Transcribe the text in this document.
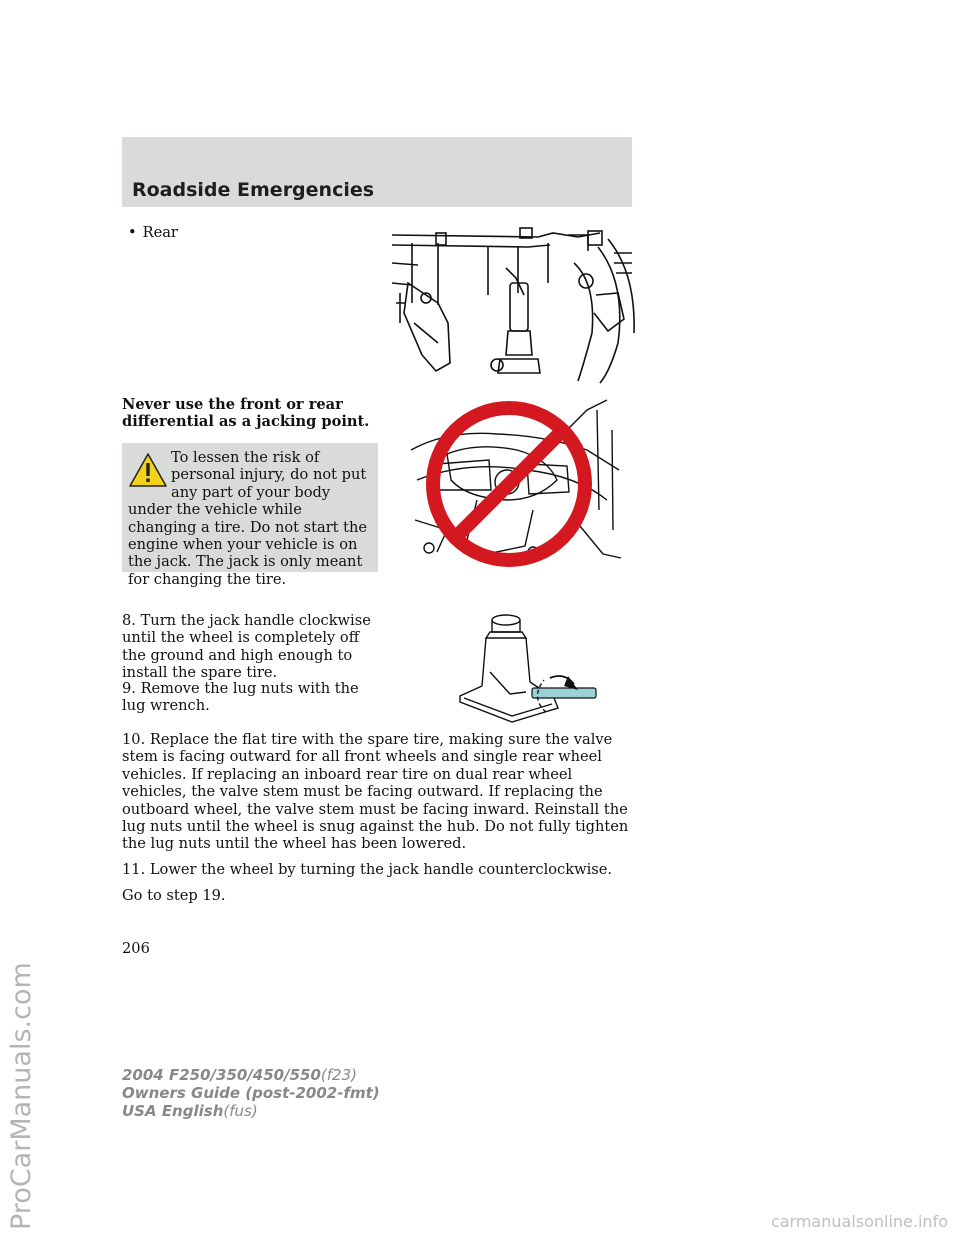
Roadside Emergencies
• Rear
Never use the front or rear differential as a jacking point.

To lessen the risk of personal injury, do not put any part of your body under the vehicle while changing a tire. Do not start the engine when your vehicle is on the jack. The jack is only meant for changing the tire.

8. Turn the jack handle clockwise until the wheel is completely off the ground and high enough to install the spare tire.
9. Remove the lug nuts with the lug wrench.
10. Replace the flat tire with the spare tire, making sure the valve stem is facing outward for all front wheels and single rear wheel vehicles. If replacing an inboard rear tire on dual rear wheel vehicles, the valve stem must be facing outward. If replacing the outboard wheel, the valve stem must be facing inward. Reinstall the lug nuts until the wheel is snug against the hub. Do not fully tighten the lug nuts until the wheel has been lowered.
11. Lower the wheel by turning the jack handle counterclockwise.
Go to step 19.
206
2004 F250/350/450/550(f23)
Owners Guide (post-2002-fmt)
USA English(fus)
ProCarManuals.com	carmanualsonline.info
